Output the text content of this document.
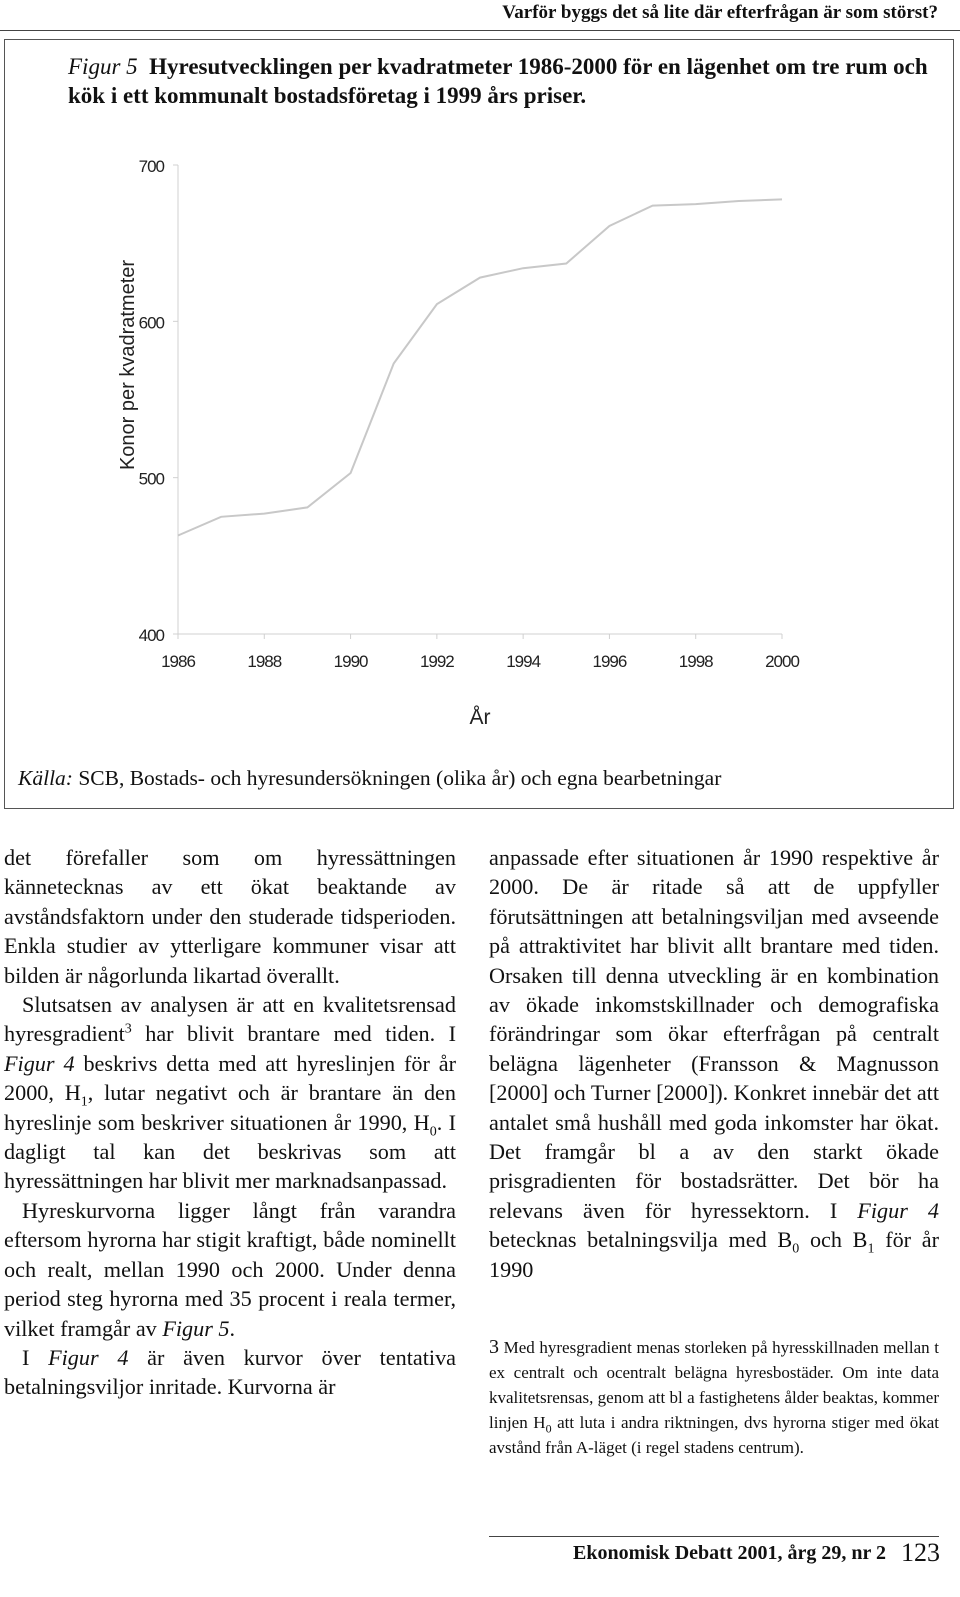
Varför byggs det så lite där efterfrågan är som störst?
Figur 5 Hyresutvecklingen per kvadratmeter 1986-2000 för en lägenhet om tre rum och kök i ett kommunalt bostadsföretag i 1999 års priser.
400
500
600
700
1986	1988	1990	1992	1994	1996	1998	2000
Konor per kvadratmeter
År
Källa: SCB, Bostads- och hyresundersökningen (olika år) och egna bearbetningar

det förefaller som om hyressättningen kännetecknas av ett ökat beaktande av avståndsfaktorn under den studerade tidsperioden. Enkla studier av ytterligare kommuner visar att bilden är någorlunda likartad överallt.

Slutsatsen av analysen är att en kvalitetsrensad hyresgradient$^3$ har blivit brantare med tiden. I Figur 4 beskrivs detta med att hyreslinjen för år 2000, $H_1$, lutar negativt och är brantare än den hyreslinje som beskriver situationen år 1990, $H_0$. I dagligt tal kan det beskrivas som att hyressättningen har blivit mer marknadsanpassad.

Hyreskurvorna ligger långt från varandra eftersom hyrorna har stigit kraftigt, både nominellt och realt, mellan 1990 och 2000. Under denna period steg hyrorna med 35 procent i reala termer, vilket framgår av Figur 5.

I Figur 4 är även kurvor över tentativa betalningsviljor inritade. Kurvorna är

anpassade efter situationen år 1990 respektive år 2000. De är ritade så att de uppfyller förutsättningen att betalningsviljan med avseende på attraktivitet har blivit allt brantare med tiden. Orsaken till denna utveckling är en kombination av ökade inkomstskillnader och demografiska förändringar som ökar efterfrågan på centralt belägna lägenheter (Fransson & Magnusson [2000] och Turner [2000]). Konkret innebär det att antalet små hushåll med goda inkomster har ökat. Det framgår bl a av den starkt ökade prisgradienten för bostadsrätter. Det bör ha relevans även för hyressektorn. I Figur 4 betecknas betalningsvilja med $B_0$ och $B_1$ för år 1990

3 Med hyresgradient menas storleken på hyresskillnaden mellan t ex centralt och ocentralt belägna hyresbostäder. Om inte data kvalitetsrensas, genom att bl a fastighetens ålder beaktas, kommer linjen $H_0$ att luta i andra riktningen, dvs hyrorna stiger med ökat avstånd från A-läget (i regel stadens centrum).
Ekonomisk Debatt 2001, årg 29, nr 2 123
